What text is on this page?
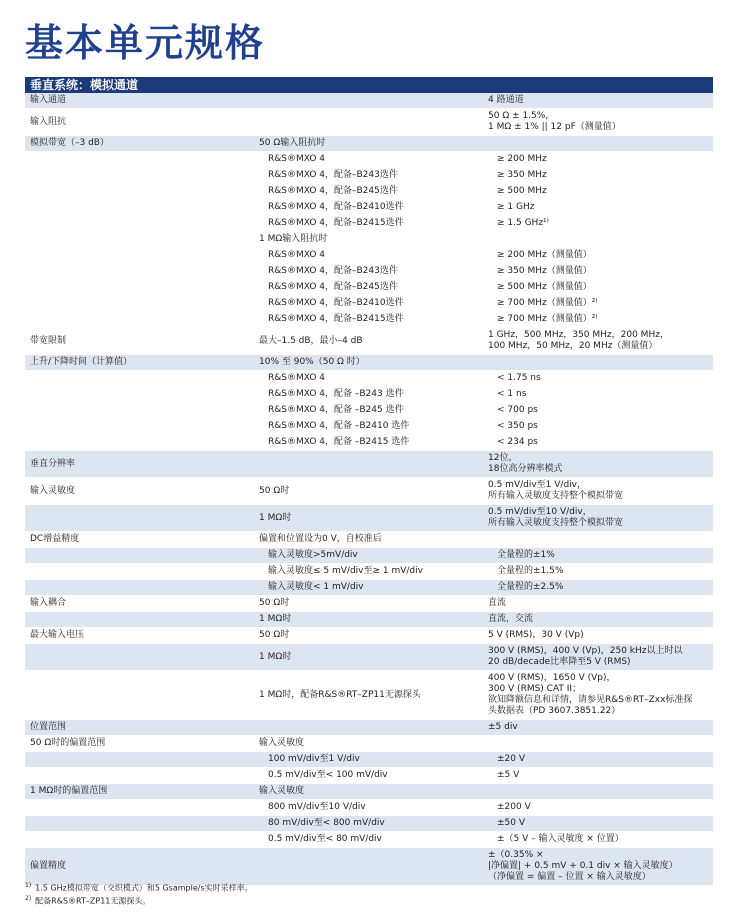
基本单元规格
垂直系统：模拟通道
输入通道		4 路通道
输入阻抗		50 Ω ± 1.5%,
1 MΩ ± 1% || 12 pF（测量值）
模拟带宽（–3 dB）	50 Ω输入阻抗时	
	R&S®MXO 4	≥ 200 MHz
	R&S®MXO 4，配备–B243选件	≥ 350 MHz
	R&S®MXO 4，配备–B245选件	≥ 500 MHz
	R&S®MXO 4，配备–B2410选件	≥ 1 GHz
	R&S®MXO 4，配备–B2415选件	≥ 1.5 GHz¹⁾
	1 MΩ输入阻抗时	
	R&S®MXO 4	≥ 200 MHz（测量值）
	R&S®MXO 4，配备–B243选件	≥ 350 MHz（测量值）
	R&S®MXO 4，配备–B245选件	≥ 500 MHz（测量值）
	R&S®MXO 4，配备–B2410选件	≥ 700 MHz（测量值）²⁾
	R&S®MXO 4，配备–B2415选件	≥ 700 MHz（测量值）²⁾
带宽限制	最大–1.5 dB，最小–4 dB	1 GHz，500 MHz，350 MHz，200 MHz，
100 MHz，50 MHz，20 MHz（测量值）
上升/下降时间（计算值）	10% 至 90%（50 Ω 时）	
	R&S®MXO 4	< 1.75 ns
	R&S®MXO 4，配备 –B243 选件	< 1 ns
	R&S®MXO 4，配备 –B245 选件	< 700 ps
	R&S®MXO 4，配备 –B2410 选件	< 350 ps
	R&S®MXO 4，配备 –B2415 选件	< 234 ps
垂直分辨率		12位，
18位高分辨率模式
输入灵敏度	50 Ω时	0.5 mV/div至1 V/div，
所有输入灵敏度支持整个模拟带宽
	1 MΩ时	0.5 mV/div至10 V/div，
所有输入灵敏度支持整个模拟带宽
DC增益精度	偏置和位置设为0 V，自校准后	
	输入灵敏度>5mV/div	全量程的±1%
	输入灵敏度≤ 5 mV/div至≥ 1 mV/div	全量程的±1.5%
	输入灵敏度< 1 mV/div	全量程的±2.5%
输入耦合	50 Ω时	直流
	1 MΩ时	直流，交流
最大输入电压	50 Ω时	5 V (RMS)，30 V (Vp)
	1 MΩ时	300 V (RMS)，400 V (Vp)，250 kHz以上时以
20 dB/decade比率降至5 V (RMS)
	1 MΩ时，配备R&S®RT–ZP11无源探头	400 V (RMS)，1650 V (Vp)，
300 V (RMS) CAT II；
欲知降额信息和详情，请参见R&S®RT–Zxx标准探
头数据表（PD 3607.3851.22）
位置范围		±5 div
50 Ω时的偏置范围	输入灵敏度	
	100 mV/div至1 V/div	±20 V
	0.5 mV/div至< 100 mV/div	±5 V
1 MΩ时的偏置范围	输入灵敏度	
	800 mV/div至10 V/div	±200 V
	80 mV/div至< 800 mV/div	±50 V
	0.5 mV/div至< 80 mV/div	±（5 V – 输入灵敏度 × 位置）
偏置精度		±（0.35% ×
|净偏置| + 0.5 mV + 0.1 div × 输入灵敏度）
（净偏置 = 偏置 – 位置 × 输入灵敏度）
$^{1)}$ 1.5 GHz模拟带宽（交织模式）和5 Gsample/s实时采样率。
$^{2)}$ 配备R&S®RT–ZP11无源探头。
